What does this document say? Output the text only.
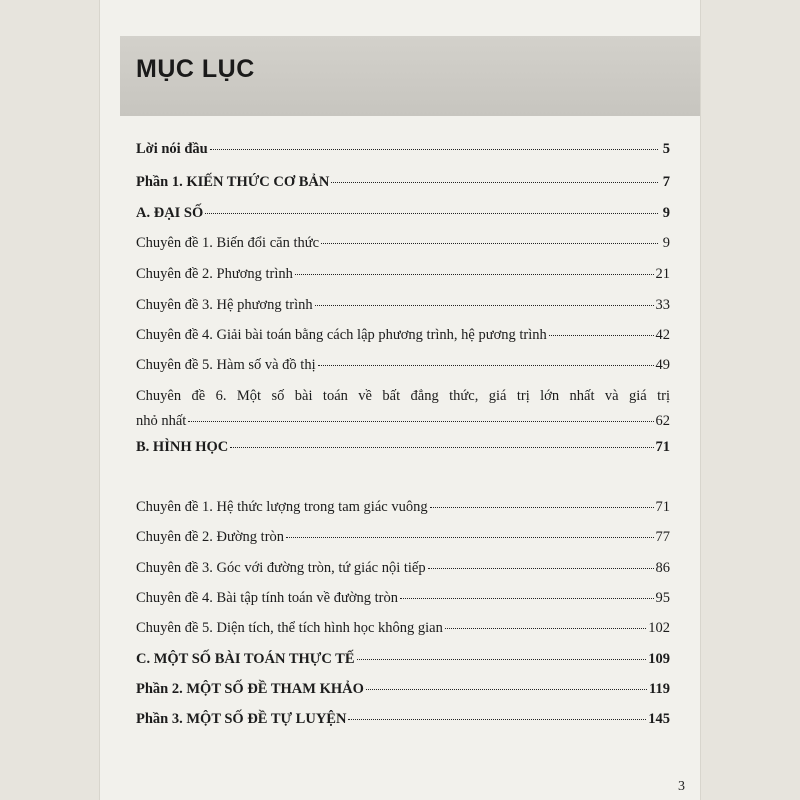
MỤC LỤC
Lời nói đầu	5
Phần 1. KIẾN THỨC CƠ BẢN	7
A. ĐẠI SỐ	9
Chuyên đề 1. Biến đổi căn thức	9
Chuyên đề 2. Phương trình	21
Chuyên đề 3. Hệ phương trình	33
Chuyên đề 4. Giải bài toán bằng cách lập phương trình, hệ pương trình	42
Chuyên đề 5. Hàm số và đồ thị	49
Chuyên đề 6. Một số bài toán về bất đẳng thức, giá trị lớn nhất và giá trị
nhỏ nhất	62
B. HÌNH HỌC	71
Chuyên đề 1. Hệ thức lượng trong tam giác vuông	71
Chuyên đề 2. Đường tròn	77
Chuyên đề 3. Góc với đường tròn, tứ giác nội tiếp	86
Chuyên đề 4. Bài tập tính toán về đường tròn	95
Chuyên đề 5. Diện tích, thể tích hình học không gian	102
C. MỘT SỐ BÀI TOÁN THỰC TẾ	109
Phần 2. MỘT SỐ ĐỀ THAM KHẢO	119
Phần 3. MỘT SỐ ĐỀ TỰ LUYỆN	145
3
